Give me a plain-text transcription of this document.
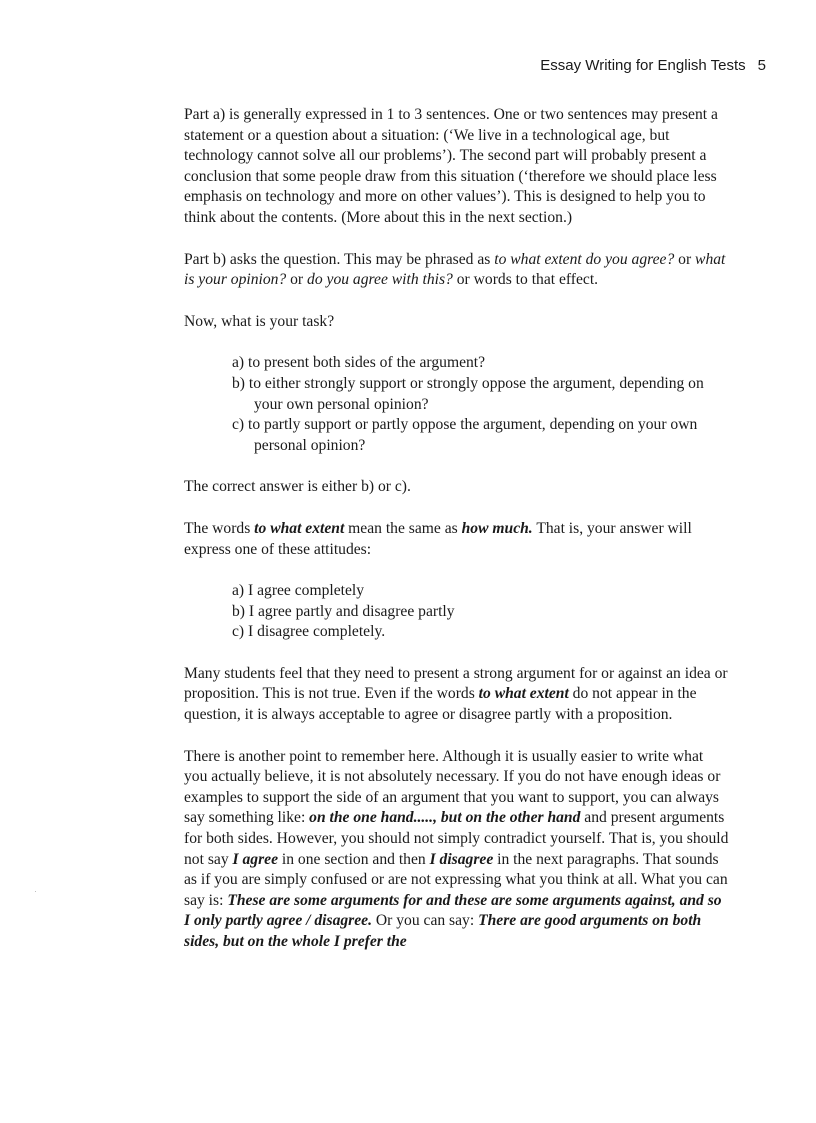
Essay Writing for English Tests 5

Part a) is generally expressed in 1 to 3 sentences. One or two sentences may present a statement or a question about a situation: (‘We live in a technological age, but technology cannot solve all our problems’). The second part will probably present a conclusion that some people draw from this situation (‘therefore we should place less emphasis on technology and more on other values’). This is designed to help you to think about the contents. (More about this in the next section.)

Part b) asks the question. This may be phrased as to what extent do you agree? or what is your opinion? or do you agree with this? or words to that effect.

Now, what is your task?

a) to present both sides of the argument?
b) to either strongly support or strongly oppose the argument, depending on your own personal opinion?
c) to partly support or partly oppose the argument, depending on your own personal opinion?

The correct answer is either b) or c).

The words to what extent mean the same as how much. That is, your answer will express one of these attitudes:

a) I agree completely
b) I agree partly and disagree partly
c) I disagree completely.

Many students feel that they need to present a strong argument for or against an idea or proposition. This is not true. Even if the words to what extent do not appear in the question, it is always acceptable to agree or disagree partly with a proposition.

There is another point to remember here. Although it is usually easier to write what you actually believe, it is not absolutely necessary. If you do not have enough ideas or examples to support the side of an argument that you want to support, you can always say something like: on the one hand....., but on the other hand and present arguments for both sides. However, you should not simply contradict yourself. That is, you should not say I agree in one section and then I disagree in the next paragraphs. That sounds as if you are simply confused or are not expressing what you think at all. What you can say is: These are some arguments for and these are some arguments against, and so I only partly agree / disagree. Or you can say: There are good arguments on both sides, but on the whole I prefer the

·
